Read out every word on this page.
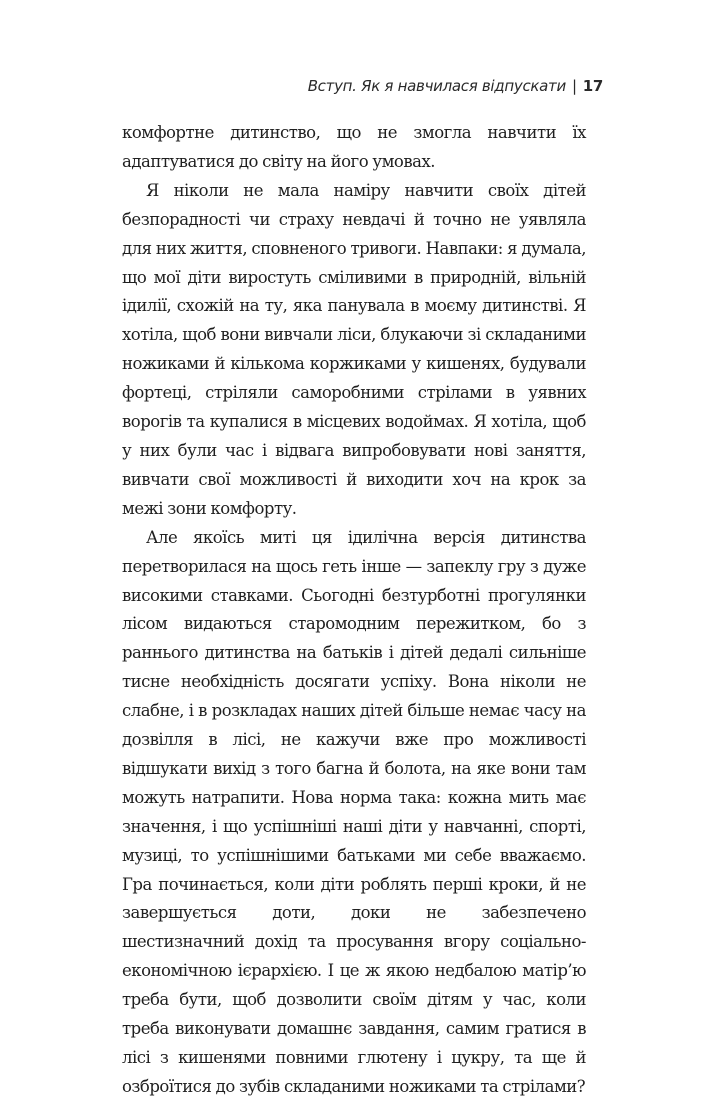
Вступ. Як я навчилася відпускати | 17

комфортне дитинство, що не змогла навчити їх адаптуватися до світу на його умовах.

Я ніколи не мала наміру навчити своїх дітей безпорадності чи страху невдачі й точно не уявляла для них життя, сповненого тривоги. Навпаки: я думала, що мої діти виростуть сміливими в природній, вільній ідилії, схожій на ту, яка панувала в моєму дитинстві. Я хотіла, щоб вони вивчали ліси, блукаючи зі складаними ножиками й кількома коржиками у кишенях, будували фортеці, стріляли саморобними стрілами в уявних ворогів та купалися в місцевих водоймах. Я хотіла, щоб у них були час і відвага випробовувати нові заняття, вивчати свої можливості й виходити хоч на крок за межі зони комфорту.

Але якоїсь миті ця ідилічна версія дитинства перетворилася на щось геть інше — запеклу гру з дуже високими ставками. Сьогодні безтурботні прогулянки лісом видаються старомодним пережитком, бо з раннього дитинства на батьків і дітей дедалі сильніше тисне необхідність досягати успіху. Вона ніколи не слабне, і в розкладах наших дітей більше немає часу на дозвілля в лісі, не кажучи вже про можливості відшукати вихід з того багна й болота, на яке вони там можуть натрапити. Нова норма така: кожна мить має значення, і що успішніші наші діти у навчанні, спорті, музиці, то успішнішими батьками ми себе вважаємо. Гра починається, коли діти роблять перші кроки, й не завершується доти, доки не забезпечено шестизначний дохід та просування вгору соціально-економічною ієрархією. І це ж якою недбалою матір’ю треба бути, щоб дозволити своїм дітям у час, коли треба виконувати домашнє завдання, самим гратися в лісі з кишенями повними глютену і цукру, та ще й озброїтися до зубів складаними ножиками та стрілами?
